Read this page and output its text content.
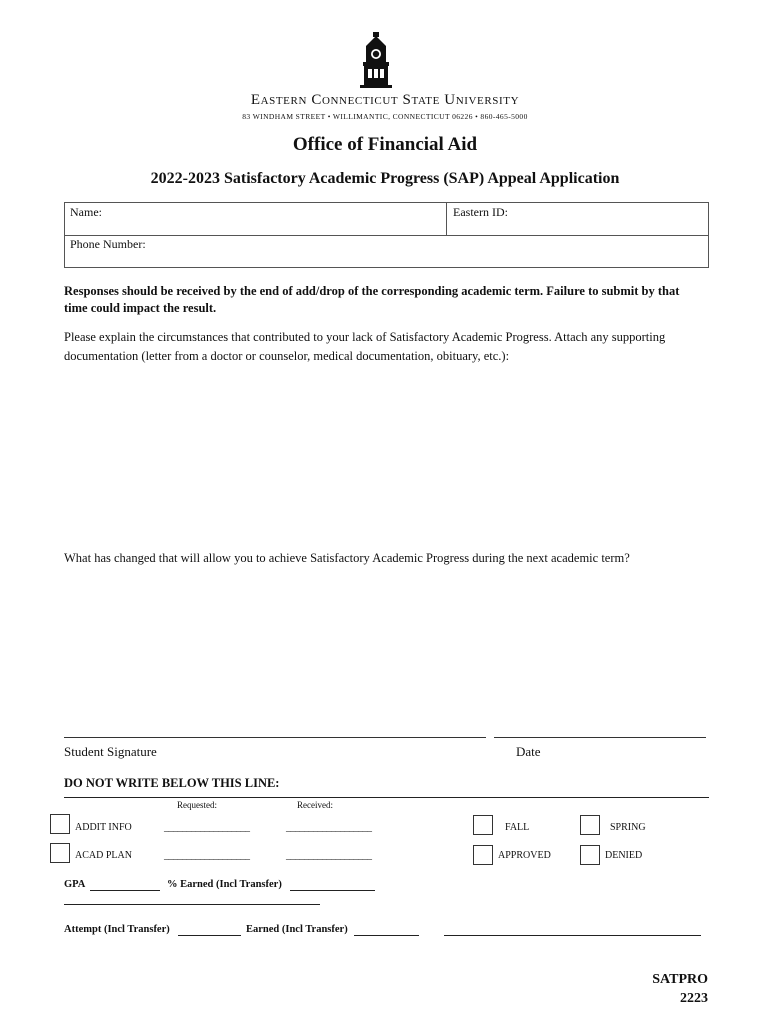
Eastern Connecticut State University
83 WINDHAM STREET • WILLIMANTIC, CONNECTICUT 06226 • 860-465-5000
Office of Financial Aid
2022-2023 Satisfactory Academic Progress (SAP) Appeal Application
Name:	Eastern ID:
Phone Number:
Responses should be received by the end of add/drop of the corresponding academic term. Failure to submit by that time could impact the result.
Please explain the circumstances that contributed to your lack of Satisfactory Academic Progress. Attach any supporting documentation (letter from a doctor or counselor, medical documentation, obituary, etc.):
What has changed that will allow you to achieve Satisfactory Academic Progress during the next academic term?
Student Signature	Date
DO NOT WRITE BELOW THIS LINE:
Requested:	Received:
ADDIT INFO	___________________	___________________
ACAD PLAN	___________________	___________________
FALL	SPRING
APPROVED	DENIED
GPA	% Earned (Incl Transfer)
Attempt (Incl Transfer)	Earned (Incl Transfer)
SATPRO
2223
